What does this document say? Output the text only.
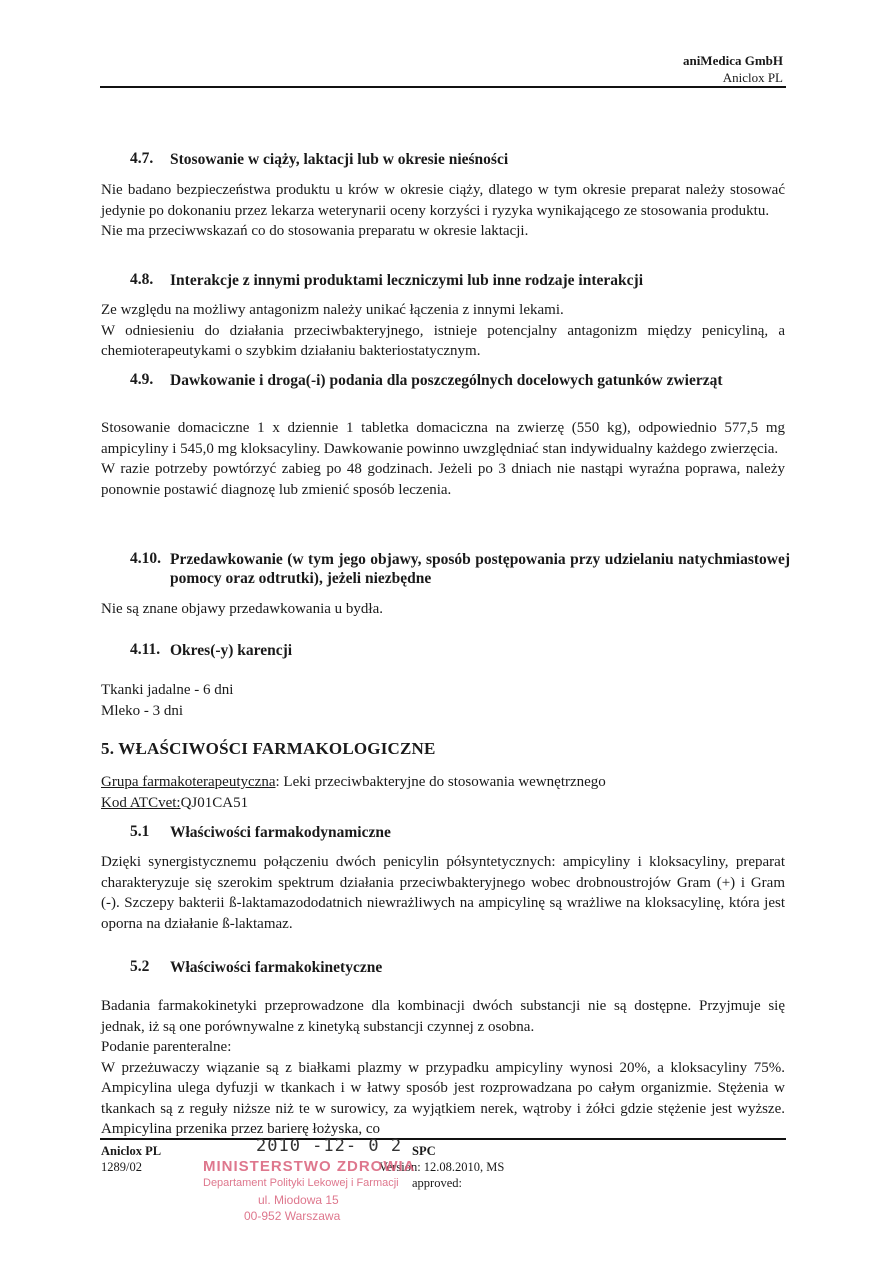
aniMedica GmbH
Aniclox PL
4.7. Stosowanie w ciąży, laktacji lub w okresie nieśności

Nie badano bezpieczeństwa produktu u krów w okresie ciąży, dlatego w tym okresie preparat należy stosować jedynie po dokonaniu przez lekarza weterynarii oceny korzyści i ryzyka wynikającego ze stosowania produktu.

Nie ma przeciwwskazań co do stosowania preparatu w okresie laktacji.

4.8. Interakcje z innymi produktami leczniczymi lub inne rodzaje interakcji

Ze względu na możliwy antagonizm należy unikać łączenia z innymi lekami.

W odniesieniu do działania przeciwbakteryjnego, istnieje potencjalny antagonizm między penicyliną, a chemioterapeutykami o szybkim działaniu bakteriostatycznym.

4.9. Dawkowanie i droga(-i) podania dla poszczególnych docelowych gatunków zwierząt

Stosowanie domaciczne 1 x dziennie 1 tabletka domaciczna na zwierzę (550 kg), odpowiednio 577,5 mg ampicyliny i 545,0 mg kloksacyliny. Dawkowanie powinno uwzględniać stan indywidualny każdego zwierzęcia.

W razie potrzeby powtórzyć zabieg po 48 godzinach. Jeżeli po 3 dniach nie nastąpi wyraźna poprawa, należy ponownie postawić diagnozę lub zmienić sposób leczenia.

4.10. Przedawkowanie (w tym jego objawy, sposób postępowania przy udzielaniu natychmiastowej pomocy oraz odtrutki), jeżeli niezbędne

Nie są znane objawy przedawkowania u bydła.

4.11. Okres(-y) karencji

Tkanki jadalne - 6 dni

Mleko - 3 dni

5. WŁAŚCIWOŚCI FARMAKOLOGICZNE

Grupa farmakoterapeutyczna: Leki przeciwbakteryjne do stosowania wewnętrznego

Kod ATCvet:QJ01CA51

5.1 Właściwości farmakodynamiczne

Dzięki synergistycznemu połączeniu dwóch penicylin półsyntetycznych: ampicyliny i kloksacyliny, preparat charakteryzuje się szerokim spektrum działania przeciwbakteryjnego wobec drobnoustrojów Gram (+) i Gram (-). Szczepy bakterii ß-laktamazododatnich niewrażliwych na ampicylinę są wrażliwe na kloksacylinę, która jest oporna na działanie ß-laktamaz.

5.2 Właściwości farmakokinetyczne

Badania farmakokinetyki przeprowadzone dla kombinacji dwóch substancji nie są dostępne. Przyjmuje się jednak, iż są one porównywalne z kinetyką substancji czynnej z osobna.

Podanie parenteralne:

W przeżuwaczy wiązanie są z białkami plazmy w przypadku ampicyliny wynosi 20%, a kloksacyliny 75%. Ampicylina ulega dyfuzji w tkankach i w łatwy sposób jest rozprowadzana po całym organizmie. Stężenia w tkankach są z reguły niższe niż te w surowicy, za wyjątkiem nerek, wątroby i żółci gdzie stężenie jest wyższe. Ampicylina przenika przez barierę łożyska, co

Aniclox PL
1289/02
SPC
Version: 12.08.2010, MS
approved:
2010 -12- 0 2
MINISTERSTWO ZDROWIA
Departament Polityki Lekowej i Farmacji
ul. Miodowa 15
00-952 Warszawa
